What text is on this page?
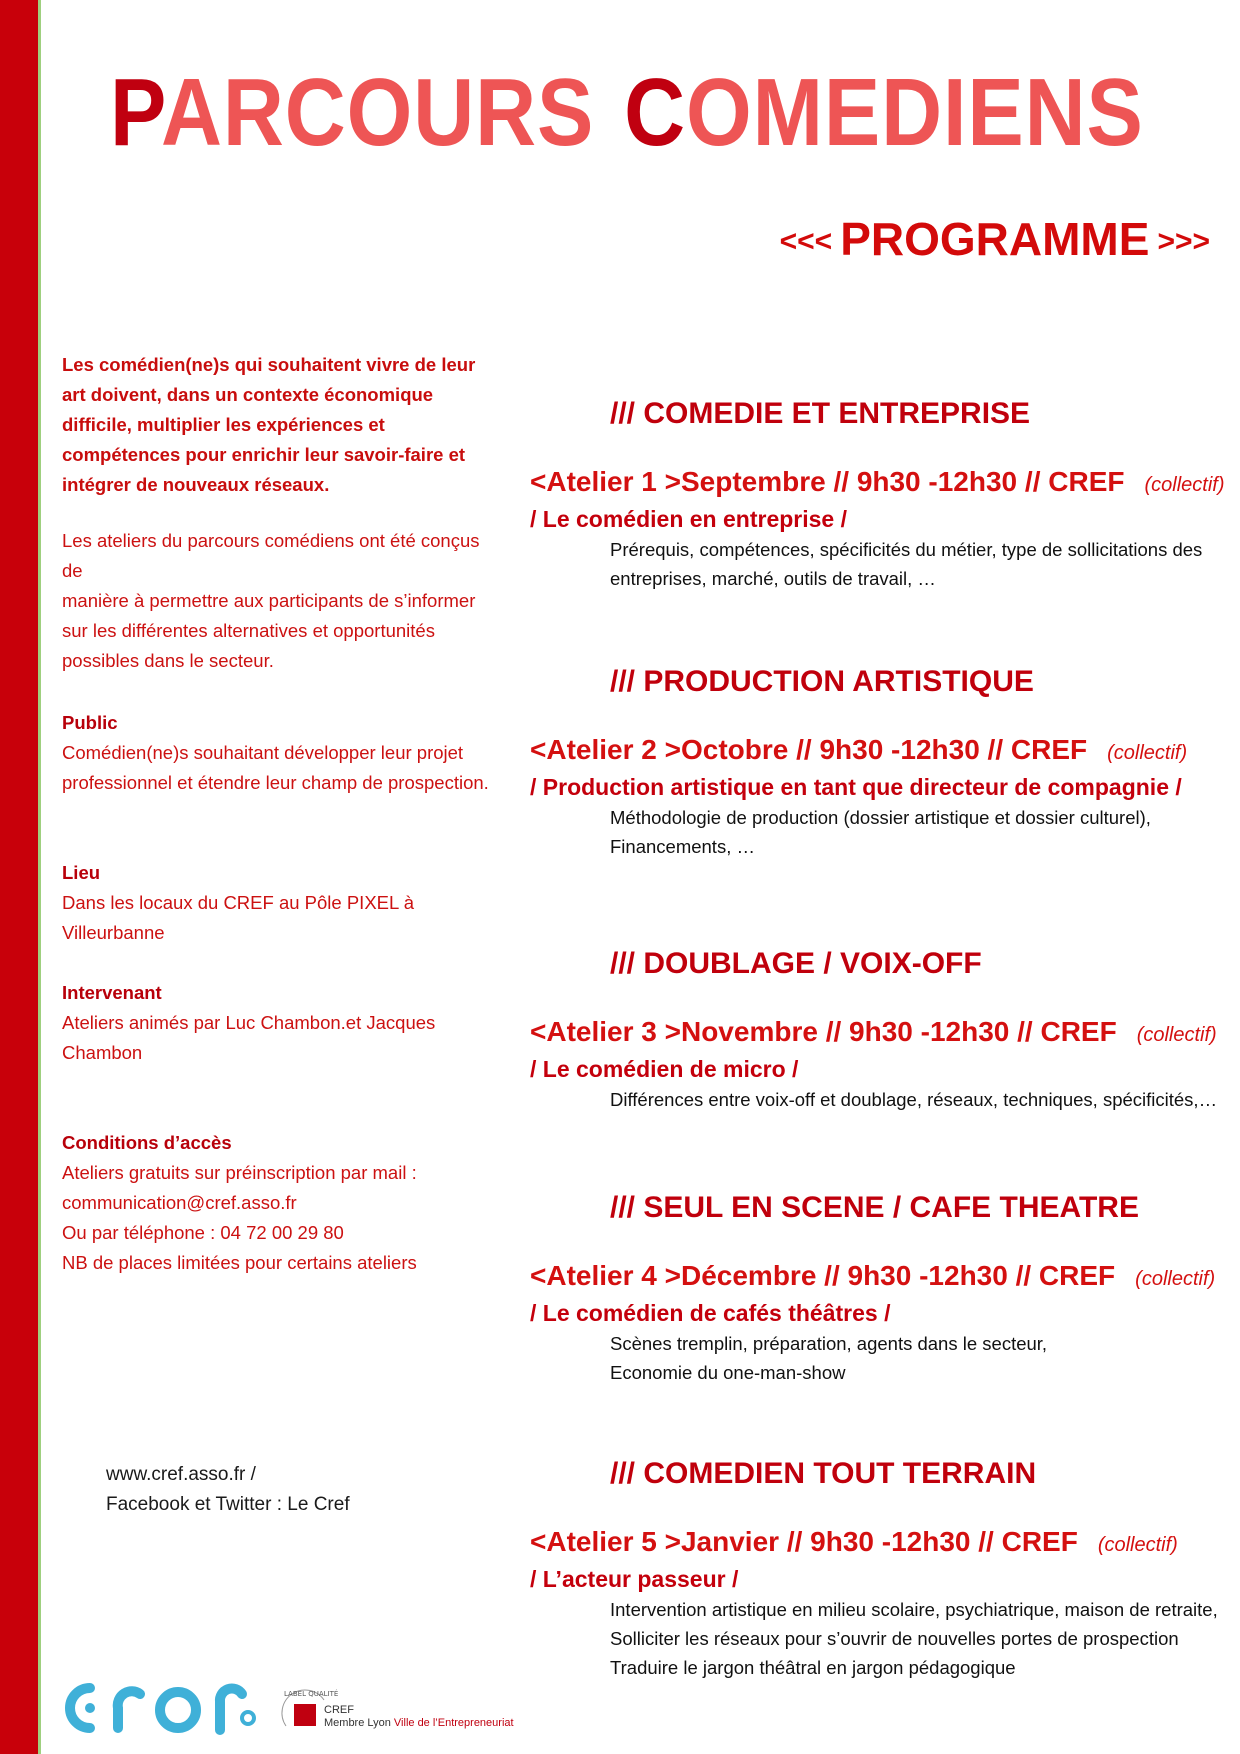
PARCOURS COMEDIENS
<<< PROGRAMME >>>

Les comédien(ne)s qui souhaitent vivre de leur

art doivent, dans un contexte économique

difficile, multiplier les expériences et

compétences pour enrichir leur savoir-faire et

intégrer de nouveaux réseaux.

Les ateliers du parcours comédiens ont été conçus de

manière à permettre aux participants de s’informer

sur les différentes alternatives et opportunités

possibles dans le secteur.

Public

Comédien(ne)s souhaitant développer leur projet

professionnel et étendre leur champ de prospection.

Lieu

Dans les locaux du CREF au Pôle PIXEL à Villeurbanne

Intervenant

Ateliers animés par Luc Chambon.et Jacques

Chambon

Conditions d’accès

Ateliers gratuits sur préinscription par mail :

communication@cref.asso.fr

Ou par téléphone : 04 72 00 29 80

NB de places limitées pour certains ateliers

/// COMEDIE ET ENTREPRISE

<Atelier 1 >Septembre // 9h30 -12h30 // CREF (collectif)
/ Le comédien en entreprise /
Prérequis, compétences, spécificités du métier, type de sollicitations des
entreprises, marché, outils de travail, …

/// PRODUCTION ARTISTIQUE

<Atelier 2 >Octobre // 9h30 -12h30 // CREF (collectif)
/ Production artistique en tant que directeur de compagnie /
Méthodologie de production (dossier artistique et dossier culturel),
Financements, …

/// DOUBLAGE / VOIX-OFF

<Atelier 3 >Novembre // 9h30 -12h30 // CREF (collectif)
/ Le comédien de micro /
Différences entre voix-off et doublage, réseaux, techniques, spécificités,…

/// SEUL EN SCENE / CAFE THEATRE

<Atelier 4 >Décembre // 9h30 -12h30 // CREF (collectif)
/ Le comédien de cafés théâtres /
Scènes tremplin, préparation, agents dans le secteur,
Economie du one-man-show

/// COMEDIEN TOUT TERRAIN

<Atelier 5 >Janvier // 9h30 -12h30 // CREF (collectif)
/ L’acteur passeur /
Intervention artistique en milieu scolaire, psychiatrique, maison de retraite,
Solliciter les réseaux pour s’ouvrir de nouvelles portes de prospection
Traduire le jargon théâtral en jargon pédagogique
www.cref.asso.fr /
Facebook et Twitter : Le Cref
LABEL QUALITÉ
CREF
Membre Lyon Ville de l’Entrepreneuriat
